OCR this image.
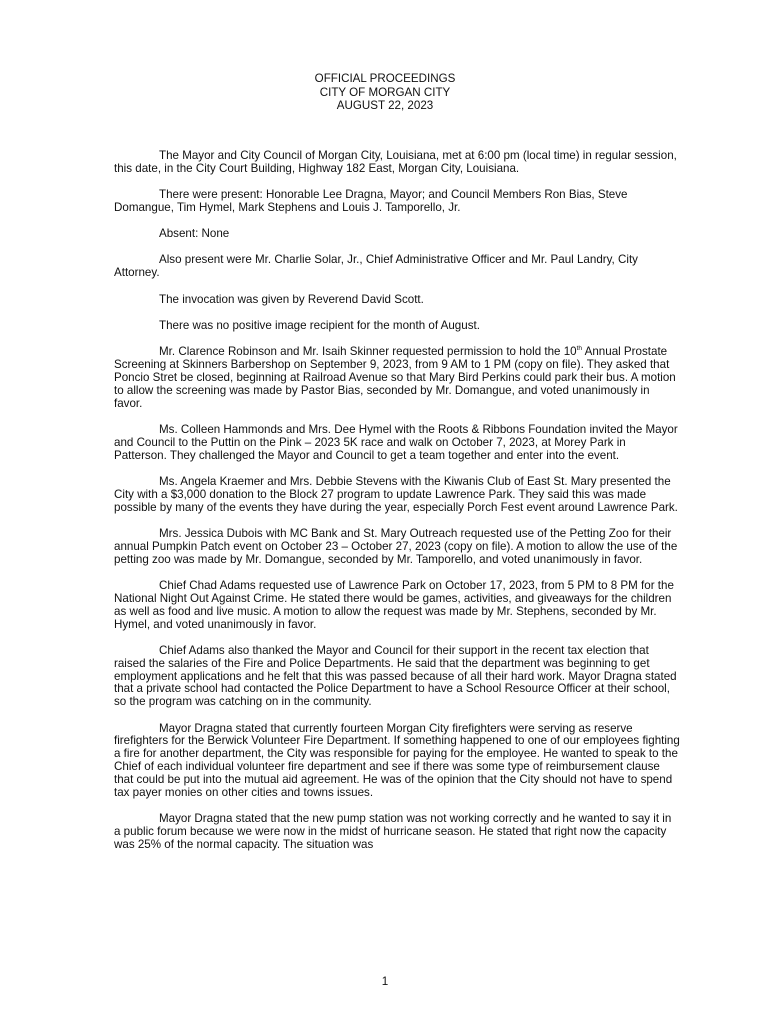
OFFICIAL PROCEEDINGS
CITY OF MORGAN CITY
AUGUST 22, 2023

The Mayor and City Council of Morgan City, Louisiana, met at 6:00 pm (local time) in regular session, this date, in the City Court Building, Highway 182 East, Morgan City, Louisiana.

There were present: Honorable Lee Dragna, Mayor; and Council Members Ron Bias, Steve Domangue, Tim Hymel, Mark Stephens and Louis J. Tamporello, Jr.

Absent: None

Also present were Mr. Charlie Solar, Jr., Chief Administrative Officer and Mr. Paul Landry, City Attorney.

The invocation was given by Reverend David Scott.

There was no positive image recipient for the month of August.

Mr. Clarence Robinson and Mr. Isaih Skinner requested permission to hold the 10th Annual Prostate Screening at Skinners Barbershop on September 9, 2023, from 9 AM to 1 PM (copy on file). They asked that Poncio Stret be closed, beginning at Railroad Avenue so that Mary Bird Perkins could park their bus. A motion to allow the screening was made by Pastor Bias, seconded by Mr. Domangue, and voted unanimously in favor.

Ms. Colleen Hammonds and Mrs. Dee Hymel with the Roots & Ribbons Foundation invited the Mayor and Council to the Puttin on the Pink – 2023 5K race and walk on October 7, 2023, at Morey Park in Patterson. They challenged the Mayor and Council to get a team together and enter into the event.

Ms. Angela Kraemer and Mrs. Debbie Stevens with the Kiwanis Club of East St. Mary presented the City with a $3,000 donation to the Block 27 program to update Lawrence Park. They said this was made possible by many of the events they have during the year, especially Porch Fest event around Lawrence Park.

Mrs. Jessica Dubois with MC Bank and St. Mary Outreach requested use of the Petting Zoo for their annual Pumpkin Patch event on October 23 – October 27, 2023 (copy on file). A motion to allow the use of the petting zoo was made by Mr. Domangue, seconded by Mr. Tamporello, and voted unanimously in favor.

Chief Chad Adams requested use of Lawrence Park on October 17, 2023, from 5 PM to 8 PM for the National Night Out Against Crime. He stated there would be games, activities, and giveaways for the children as well as food and live music. A motion to allow the request was made by Mr. Stephens, seconded by Mr. Hymel, and voted unanimously in favor.

Chief Adams also thanked the Mayor and Council for their support in the recent tax election that raised the salaries of the Fire and Police Departments. He said that the department was beginning to get employment applications and he felt that this was passed because of all their hard work. Mayor Dragna stated that a private school had contacted the Police Department to have a School Resource Officer at their school, so the program was catching on in the community.

Mayor Dragna stated that currently fourteen Morgan City firefighters were serving as reserve firefighters for the Berwick Volunteer Fire Department. If something happened to one of our employees fighting a fire for another department, the City was responsible for paying for the employee. He wanted to speak to the Chief of each individual volunteer fire department and see if there was some type of reimbursement clause that could be put into the mutual aid agreement. He was of the opinion that the City should not have to spend tax payer monies on other cities and towns issues.

Mayor Dragna stated that the new pump station was not working correctly and he wanted to say it in a public forum because we were now in the midst of hurricane season. He stated that right now the capacity was 25% of the normal capacity. The situation was

1
